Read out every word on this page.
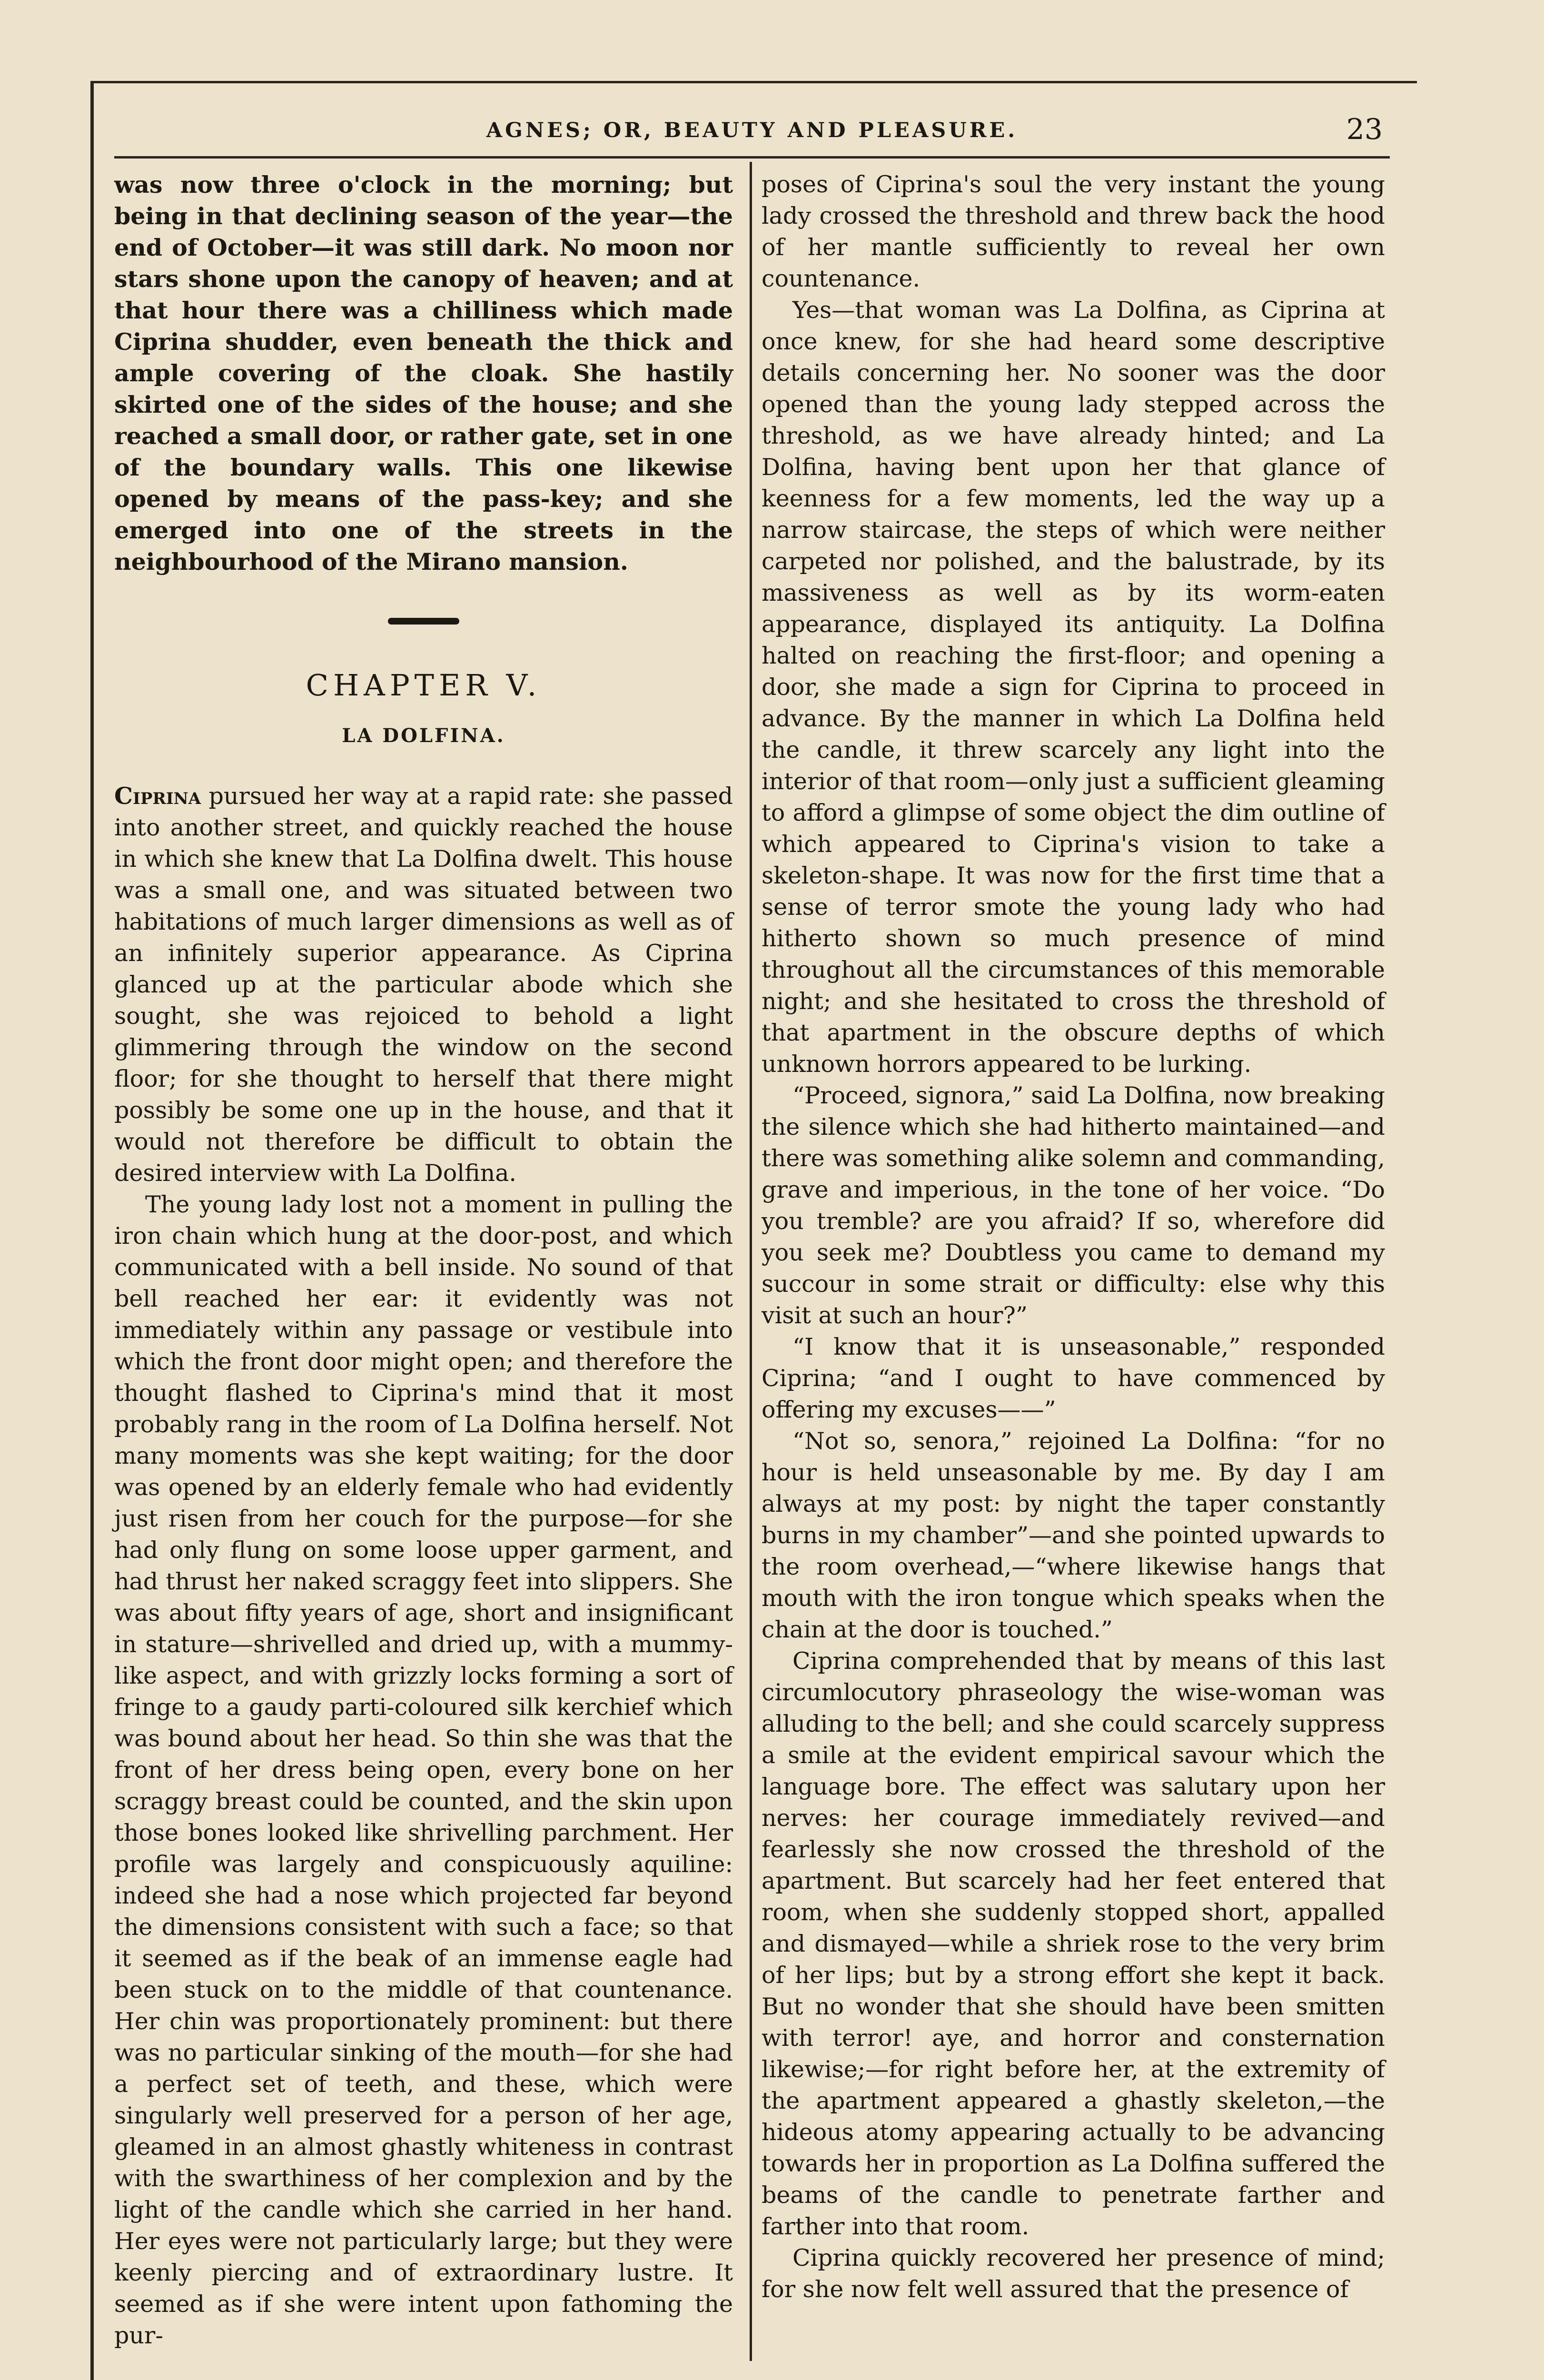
AGNES; OR, BEAUTY AND PLEASURE.	23

was now three o'clock in the morning; but being in that declining season of the year—the end of October—it was still dark. No moon nor stars shone upon the canopy of heaven; and at that hour there was a chilliness which made Ciprina shudder, even beneath the thick and ample covering of the cloak. She hastily skirted one of the sides of the house; and she reached a small door, or rather gate, set in one of the boundary walls. This one likewise opened by means of the pass-key; and she emerged into one of the streets in the neighbourhood of the Mirano mansion.

CHAPTER V.
LA DOLFINA.

Ciprina pursued her way at a rapid rate: she passed into another street, and quickly reached the house in which she knew that La Dolfina dwelt. This house was a small one, and was situated between two habitations of much larger dimensions as well as of an infinitely superior appearance. As Ciprina glanced up at the particular abode which she sought, she was rejoiced to behold a light glimmering through the window on the second floor; for she thought to herself that there might possibly be some one up in the house, and that it would not therefore be difficult to obtain the desired interview with La Dolfina.

The young lady lost not a moment in pulling the iron chain which hung at the door-post, and which communicated with a bell inside. No sound of that bell reached her ear: it evidently was not immediately within any passage or vestibule into which the front door might open; and therefore the thought flashed to Ciprina's mind that it most probably rang in the room of La Dolfina herself. Not many moments was she kept waiting; for the door was opened by an elderly female who had evidently just risen from her couch for the purpose—for she had only flung on some loose upper garment, and had thrust her naked scraggy feet into slippers. She was about fifty years of age, short and insignificant in stature—shrivelled and dried up, with a mummy-like aspect, and with grizzly locks forming a sort of fringe to a gaudy parti-coloured silk kerchief which was bound about her head. So thin she was that the front of her dress being open, every bone on her scraggy breast could be counted, and the skin upon those bones looked like shrivelling parchment. Her profile was largely and conspicuously aquiline: indeed she had a nose which projected far beyond the dimensions consistent with such a face; so that it seemed as if the beak of an immense eagle had been stuck on to the middle of that countenance. Her chin was proportionately prominent: but there was no particular sinking of the mouth—for she had a perfect set of teeth, and these, which were singularly well preserved for a person of her age, gleamed in an almost ghastly whiteness in contrast with the swarthiness of her complexion and by the light of the candle which she carried in her hand. Her eyes were not particularly large; but they were keenly piercing and of extraordinary lustre. It seemed as if she were intent upon fathoming the pur-

poses of Ciprina's soul the very instant the young lady crossed the threshold and threw back the hood of her mantle sufficiently to reveal her own countenance.

Yes—that woman was La Dolfina, as Ciprina at once knew, for she had heard some descriptive details concerning her. No sooner was the door opened than the young lady stepped across the threshold, as we have already hinted; and La Dolfina, having bent upon her that glance of keenness for a few moments, led the way up a narrow staircase, the steps of which were neither carpeted nor polished, and the balustrade, by its massiveness as well as by its worm-eaten appearance, displayed its antiquity. La Dolfina halted on reaching the first-floor; and opening a door, she made a sign for Ciprina to proceed in advance. By the manner in which La Dolfina held the candle, it threw scarcely any light into the interior of that room—only just a sufficient gleaming to afford a glimpse of some object the dim outline of which appeared to Ciprina's vision to take a skeleton-shape. It was now for the first time that a sense of terror smote the young lady who had hitherto shown so much presence of mind throughout all the circumstances of this memorable night; and she hesitated to cross the threshold of that apartment in the obscure depths of which unknown horrors appeared to be lurking.

“Proceed, signora,” said La Dolfina, now breaking the silence which she had hitherto maintained—and there was something alike solemn and commanding, grave and imperious, in the tone of her voice. “Do you tremble? are you afraid? If so, wherefore did you seek me? Doubtless you came to demand my succour in some strait or difficulty: else why this visit at such an hour?”

“I know that it is unseasonable,” responded Ciprina; “and I ought to have commenced by offering my excuses——”

“Not so, senora,” rejoined La Dolfina: “for no hour is held unseasonable by me. By day I am always at my post: by night the taper constantly burns in my chamber”—and she pointed upwards to the room overhead,—“where likewise hangs that mouth with the iron tongue which speaks when the chain at the door is touched.”

Ciprina comprehended that by means of this last circumlocutory phraseology the wise-woman was alluding to the bell; and she could scarcely suppress a smile at the evident empirical savour which the language bore. The effect was salutary upon her nerves: her courage immediately revived—and fearlessly she now crossed the threshold of the apartment. But scarcely had her feet entered that room, when she suddenly stopped short, appalled and dismayed—while a shriek rose to the very brim of her lips; but by a strong effort she kept it back. But no wonder that she should have been smitten with terror! aye, and horror and consternation likewise;—for right before her, at the extremity of the apartment appeared a ghastly skeleton,—the hideous atomy appearing actually to be advancing towards her in proportion as La Dolfina suffered the beams of the candle to penetrate farther and farther into that room.

Ciprina quickly recovered her presence of mind; for she now felt well assured that the presence of
